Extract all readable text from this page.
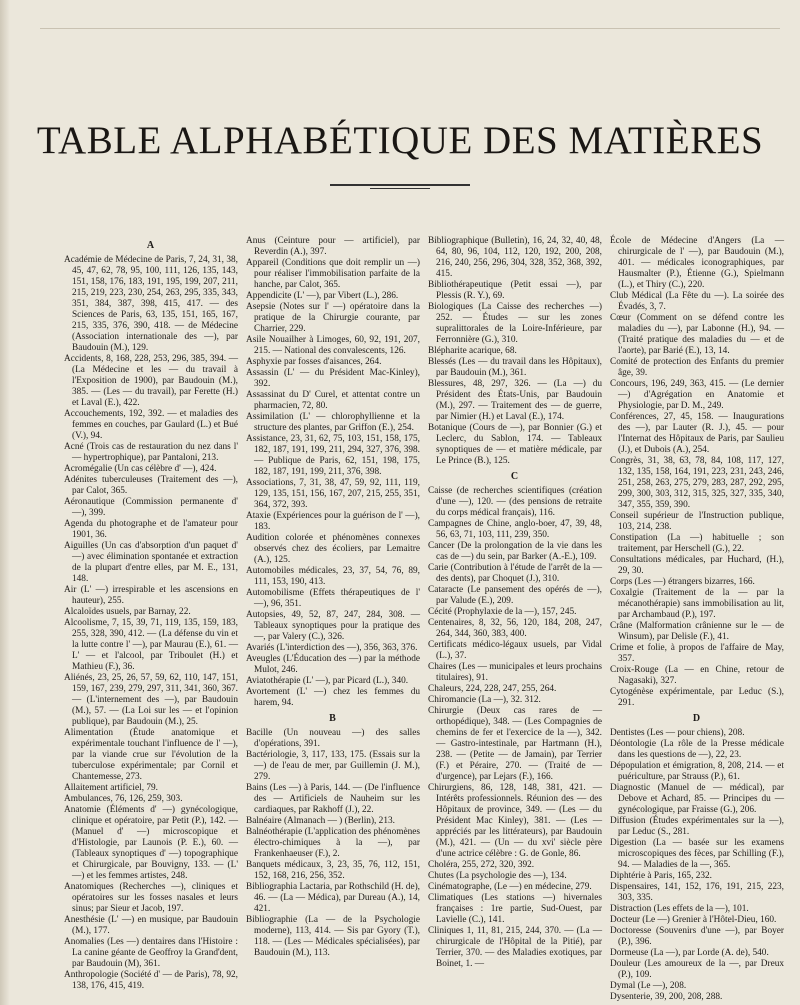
TABLE ALPHABÉTIQUE DES MATIÈRES

A

Académie de Médecine de Paris, 7, 24, 31, 38, 45, 47, 62, 78, 95, 100, 111, 126, 135, 143, 151, 158, 176, 183, 191, 195, 199, 207, 211, 215, 219, 223, 230, 254, 263, 295, 335, 343, 351, 384, 387, 398, 415, 417. — des Sciences de Paris, 63, 135, 151, 165, 167, 215, 335, 376, 390, 418. — de Médecine (Association internationale des —), par Baudouin (M.), 129.

Accidents, 8, 168, 228, 253, 296, 385, 394. — (La Médecine et les — du travail à l'Exposition de 1900), par Baudouin (M.), 385. — (Les — du travail), par Ferette (H.) et Laval (E.), 422.

Accouchements, 192, 392. — et maladies des femmes en couches, par Gaulard (L.) et Bué (V.), 94.

Acné (Trois cas de restauration du nez dans l' — hypertrophique), par Pantaloni, 213.

Acromégalie (Un cas célèbre d' —), 424.

Adénites tuberculeuses (Traitement des —), par Calot, 365.

Aéronautique (Commission permanente d' —), 399.

Agenda du photographe et de l'amateur pour 1901, 36.

Aiguilles (Un cas d'absorption d'un paquet d' —) avec élimination spontanée et extraction de la plupart d'entre elles, par M. E., 131, 148.

Air (L' —) irrespirable et les ascensions en hauteur), 255.

Alcaloïdes usuels, par Barnay, 22.

Alcoolisme, 7, 15, 39, 71, 119, 135, 159, 183, 255, 328, 390, 412. — (La défense du vin et la lutte contre l' —), par Maurau (E.), 61. — L' — et l'alcool, par Triboulet (H.) et Mathieu (F.), 36.

Aliénés, 23, 25, 26, 57, 59, 62, 110, 147, 151, 159, 167, 239, 279, 297, 311, 341, 360, 367. — (L'internement des —), par Baudouin (M.), 57. — (La Loi sur les — et l'opinion publique), par Baudouin (M.), 25.

Alimentation (Étude anatomique et expérimentale touchant l'influence de l' —), par la viande crue sur l'évolution de la tuberculose expérimentale; par Cornil et Chantemesse, 273.

Allaitement artificiel, 79.

Ambulances, 76, 126, 259, 303.

Anatomie (Éléments d' —) gynécologique, clinique et opératoire, par Petit (P.), 142. — (Manuel d' —) microscopique et d'Histologie, par Launois (P. E.), 60. — (Tableaux synoptiques d' —) topographique et Chirurgicale, par Bouvigny, 133. — (L' —) et les femmes artistes, 248.

Anatomiques (Recherches —), cliniques et opératoires sur les fosses nasales et leurs sinus; par Sieur et Jacob, 197.

Anesthésie (L' —) en musique, par Baudouin (M.), 177.

Anomalies (Les —) dentaires dans l'Histoire : La canine géante de Geoffroy la Grand'dent, par Baudouin (M), 361.

Anthropologie (Société d' — de Paris), 78, 92, 138, 176, 415, 419.

Anus (Ceinture pour — artificiel), par Reverdin (A.), 397.

Appareil (Conditions que doit remplir un —) pour réaliser l'immobilisation parfaite de la hanche, par Calot, 365.

Appendicite (L' —), par Vibert (L.), 286.

Asepsie (Notes sur l' —) opératoire dans la pratique de la Chirurgie courante, par Charrier, 229.

Asile Nouailher à Limoges, 60, 92, 191, 207, 215. — National des convalescents, 126.

Asphyxie par fosses d'aisances, 264.

Assassin (L' — du Président Mac-Kinley), 392.

Assassinat du D' Curel, et attentat contre un pharmacien, 72, 80.

Assimilation (L' — chlorophyllienne et la structure des plantes, par Griffon (E.), 254.

Assistance, 23, 31, 62, 75, 103, 151, 158, 175, 182, 187, 191, 199, 211, 294, 327, 376, 398. — Publique de Paris, 62, 151, 198, 175, 182, 187, 191, 199, 211, 376, 398.

Associations, 7, 31, 38, 47, 59, 92, 111, 119, 129, 135, 151, 156, 167, 207, 215, 255, 351, 364, 372, 393.

Ataxie (Expériences pour la guérison de l' —), 183.

Audition colorée et phénomènes connexes observés chez des écoliers, par Lemaitre (A.), 125.

Automobiles médicales, 23, 37, 54, 76, 89, 111, 153, 190, 413.

Automobilisme (Effets thérapeutiques de l' —), 96, 351.

Autopsies, 49, 52, 87, 247, 284, 308. — Tableaux synoptiques pour la pratique des —, par Valery (C.), 326.

Avariés (L'interdiction des —), 356, 363, 376.

Aveugles (L'Éducation des —) par la méthode Mulot, 246.

Aviatothérapie (L' —), par Picard (L.), 340.

Avortement (L' —) chez les femmes du harem, 94.

B

Bacille (Un nouveau —) des salles d'opérations, 391.

Bactériologie, 3, 117, 133, 175. (Essais sur la —) de l'eau de mer, par Guillemin (J. M.), 279.

Bains (Les —) à Paris, 144. — (De l'influence des — Artificiels de Nauheim sur les cardiaques, par Rakhoff (J.), 22.

Balnéaire (Almanach — ) (Berlin), 213.

Balnéothérapie (L'application des phénomènes électro-chimiques à la —), par Frankenhaeuser (F.), 2.

Banquets médicaux, 3, 23, 35, 76, 112, 151, 152, 168, 216, 256, 352.

Bibliographia Lactaria, par Rothschild (H. de), 46. — (La — Médica), par Dureau (A.), 14, 421.

Bibliographie (La — de la Psychologie moderne), 113, 414. — Sis par Gyory (T.), 118. — (Les — Médicales spécialisées), par Baudouin (M.), 113.

Bibliographique (Bulletin), 16, 24, 32, 40, 48, 64, 80, 96, 104, 112, 120, 192, 200, 208, 216, 240, 256, 296, 304, 328, 352, 368, 392, 415.

Bibliothérapeutique (Petit essai —), par Plessis (R. Y.), 69.

Biologiques (La Caisse des recherches —) 252. — Études — sur les zones supralittorales de la Loire-Inférieure, par Ferronnière (G.), 310.

Blépharite acarique, 68.

Blessés (Les — du travail dans les Hôpitaux), par Baudouin (M.), 361.

Blessures, 48, 297, 326. — (La —) du Président des États-Unis, par Baudouin (M.), 297. — Traitement des — de guerre, par Nimier (H.) et Laval (E.), 174.

Botanique (Cours de —), par Bonnier (G.) et Leclerc, du Sablon, 174. — Tableaux synoptiques de — et matière médicale, par Le Prince (B.), 125.

C

Caisse (de recherches scientifiques (création d'une —), 120. — (des pensions de retraite du corps médical français), 116.

Campagnes de Chine, anglo-boer, 47, 39, 48, 56, 63, 71, 103, 111, 239, 350.

Cancer (De la prolongation de la vie dans les cas de —) du sein, par Barker (A.-E.), 109.

Carie (Contribution à l'étude de l'arrêt de la — des dents), par Choquet (J.), 310.

Cataracte (Le pansement des opérés de —), par Valude (E.), 209.

Cécité (Prophylaxie de la —), 157, 245.

Centenaires, 8, 32, 56, 120, 184, 208, 247, 264, 344, 360, 383, 400.

Certificats médico-légaux usuels, par Vidal (L.), 37.

Chaires (Les — municipales et leurs prochains titulaires), 91.

Chaleurs, 224, 228, 247, 255, 264.

Chiromancie (La —), 32. 312.

Chirurgie (Deux cas rares de — orthopédique), 348. — (Les Compagnies de chemins de fer et l'exercice de la —), 342. — Gastro-intestinale, par Hartmann (H.), 238. — (Petite — de Jamain), par Terrier (F.) et Péraire, 270. — (Traité de — d'urgence), par Lejars (F.), 166.

Chirurgiens, 86, 128, 148, 381, 421. — Intérêts professionnels. Réunion des — des Hôpitaux de province, 349. — (Les — du Président Mac Kinley), 381. — (Les — appréciés par les littérateurs), par Baudouin (M.), 421. — (Un — du xvi' siècle père d'une actrice célèbre : G. de Gonle, 86.

Choléra, 255, 272, 320, 392.

Chutes (La psychologie des —), 134.

Cinématographe, (Le —) en médecine, 279.

Climatiques (Les stations —) hivernales françaises : 1re partie, Sud-Ouest, par Lavielle (C.), 141.

Cliniques 1, 11, 81, 215, 244, 370. — (La — chirurgicale de l'Hôpital de la Pitié), par Terrier, 370. — des Maladies exotiques, par Boinet, 1. —

École de Médecine d'Angers (La — chirurgicale de l' —), par Baudouin (M.), 401. — médicales iconographiques, par Hausmalter (P.), Étienne (G.), Spielmann (L.), et Thiry (C.), 220.

Club Médical (La Fête du —). La soirée des Évadés, 3, 7.

Cœur (Comment on se défend contre les maladies du —), par Labonne (H.), 94. — (Traité pratique des maladies du — et de l'aorte), par Barié (E.), 13, 14.

Comité de protection des Enfants du premier âge, 39.

Concours, 196, 249, 363, 415. — (Le dernier —) d'Agrégation en Anatomie et Physiologie, par D. M., 249.

Conférences, 27, 45, 158. — Inaugurations des —), par Lauter (R. J.), 45. — pour l'Internat des Hôpitaux de Paris, par Saulieu (J.), et Dubois (A.), 254.

Congrès, 31, 38, 63, 78, 84, 108, 117, 127, 132, 135, 158, 164, 191, 223, 231, 243, 246, 251, 258, 263, 275, 279, 283, 287, 292, 295, 299, 300, 303, 312, 315, 325, 327, 335, 340, 347, 355, 359, 390.

Conseil supérieur de l'Instruction publique, 103, 214, 238.

Constipation (La —) habituelle ; son traitement, par Herschell (G.), 22.

Consultations médicales, par Huchard, (H.), 29, 30.

Corps (Les —) étrangers bizarres, 166.

Coxalgie (Traitement de la — par la mécanothérapie) sans immobilisation au lit, par Archambaud (P.), 197.

Crâne (Malformation crânienne sur le — de Winsum), par Delisle (F.), 41.

Crime et folie, à propos de l'affaire de May, 357.

Croix-Rouge (La — en Chine, retour de Nagasaki), 327.

Cytogénèse expérimentale, par Leduc (S.), 291.

D

Dentistes (Les — pour chiens), 208.

Déontologie (La rôle de la Presse médicale dans les questions de —), 22, 23.

Dépopulation et émigration, 8, 208, 214. — et puériculture, par Strauss (P.), 61.

Diagnostic (Manuel de — médical), par Debove et Achard, 85. — Principes du — gynécologique, par Fraisse (G.), 206.

Diffusion (Études expérimentales sur la —), par Leduc (S., 281.

Digestion (La — basée sur les examens microscopiques des fèces, par Schilling (F.), 94. — Maladies de la —, 365.

Diphtérie à Paris, 165, 232.

Dispensaires, 141, 152, 176, 191, 215, 223, 303, 335.

Distraction (Les effets de la —), 101.

Docteur (Le —) Grenier à l'Hôtel-Dieu, 160.

Doctoresse (Souvenirs d'une —), par Boyer (P.), 396.

Dormeuse (La —), par Lorde (A. de), 540.

Douleur (Les amoureux de la —, par Dreux (P.), 109.

Dymal (Le —), 208.

Dysenterie, 39, 200, 208, 288.
